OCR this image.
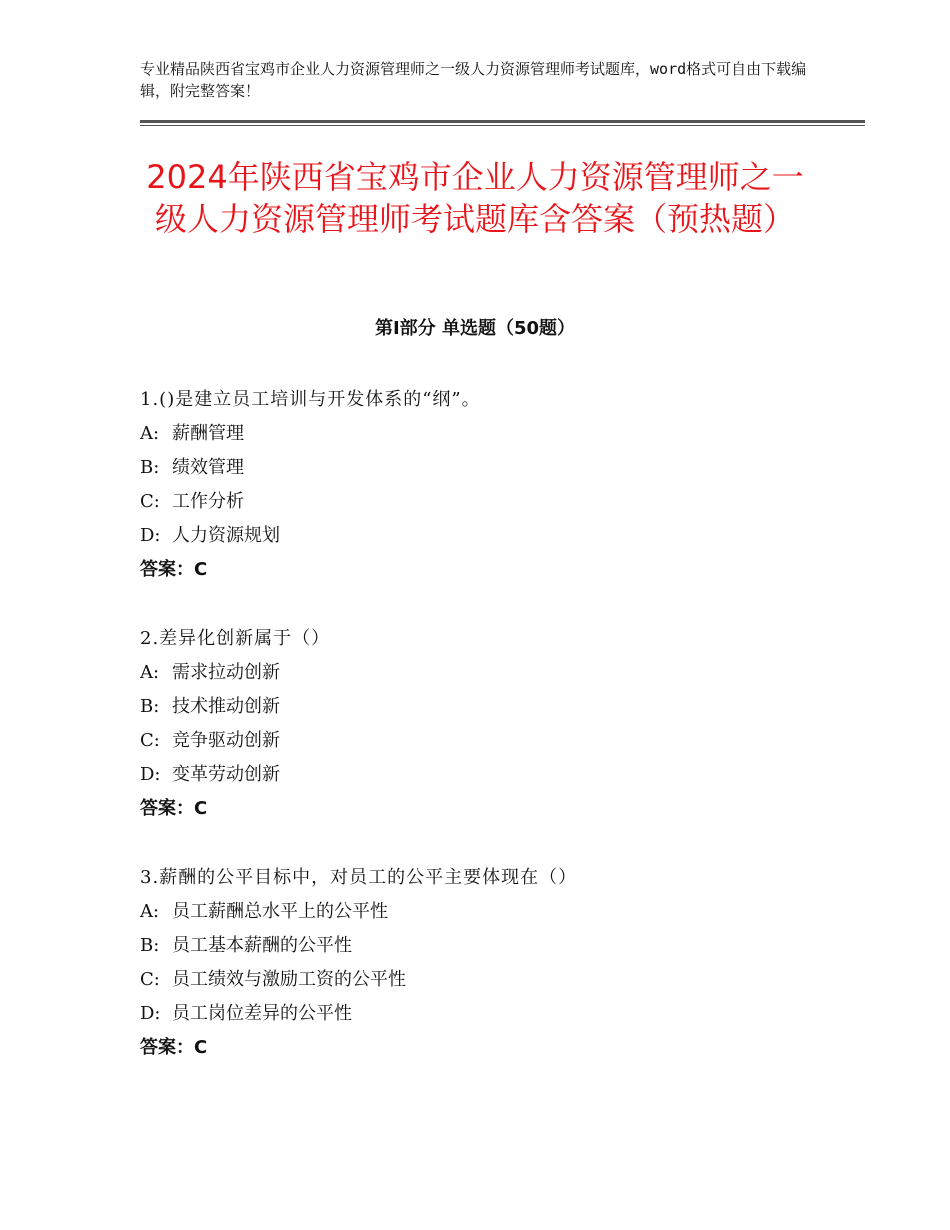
专业精品陕西省宝鸡市企业人力资源管理师之一级人力资源管理师考试题库，word格式可自由下载编辑，附完整答案！
2024年陕西省宝鸡市企业人力资源管理师之一级人力资源管理师考试题库含答案（预热题）
第Ⅰ部分 单选题（50题）
1.()是建立员工培训与开发体系的“纲”。
A: 薪酬管理
B: 绩效管理
C: 工作分析
D: 人力资源规划
答案：C
2.差异化创新属于（）
A: 需求拉动创新
B: 技术推动创新
C: 竞争驱动创新
D: 变革劳动创新
答案：C
3.薪酬的公平目标中，对员工的公平主要体现在（）
A: 员工薪酬总水平上的公平性
B: 员工基本薪酬的公平性
C: 员工绩效与激励工资的公平性
D: 员工岗位差异的公平性
答案：C
